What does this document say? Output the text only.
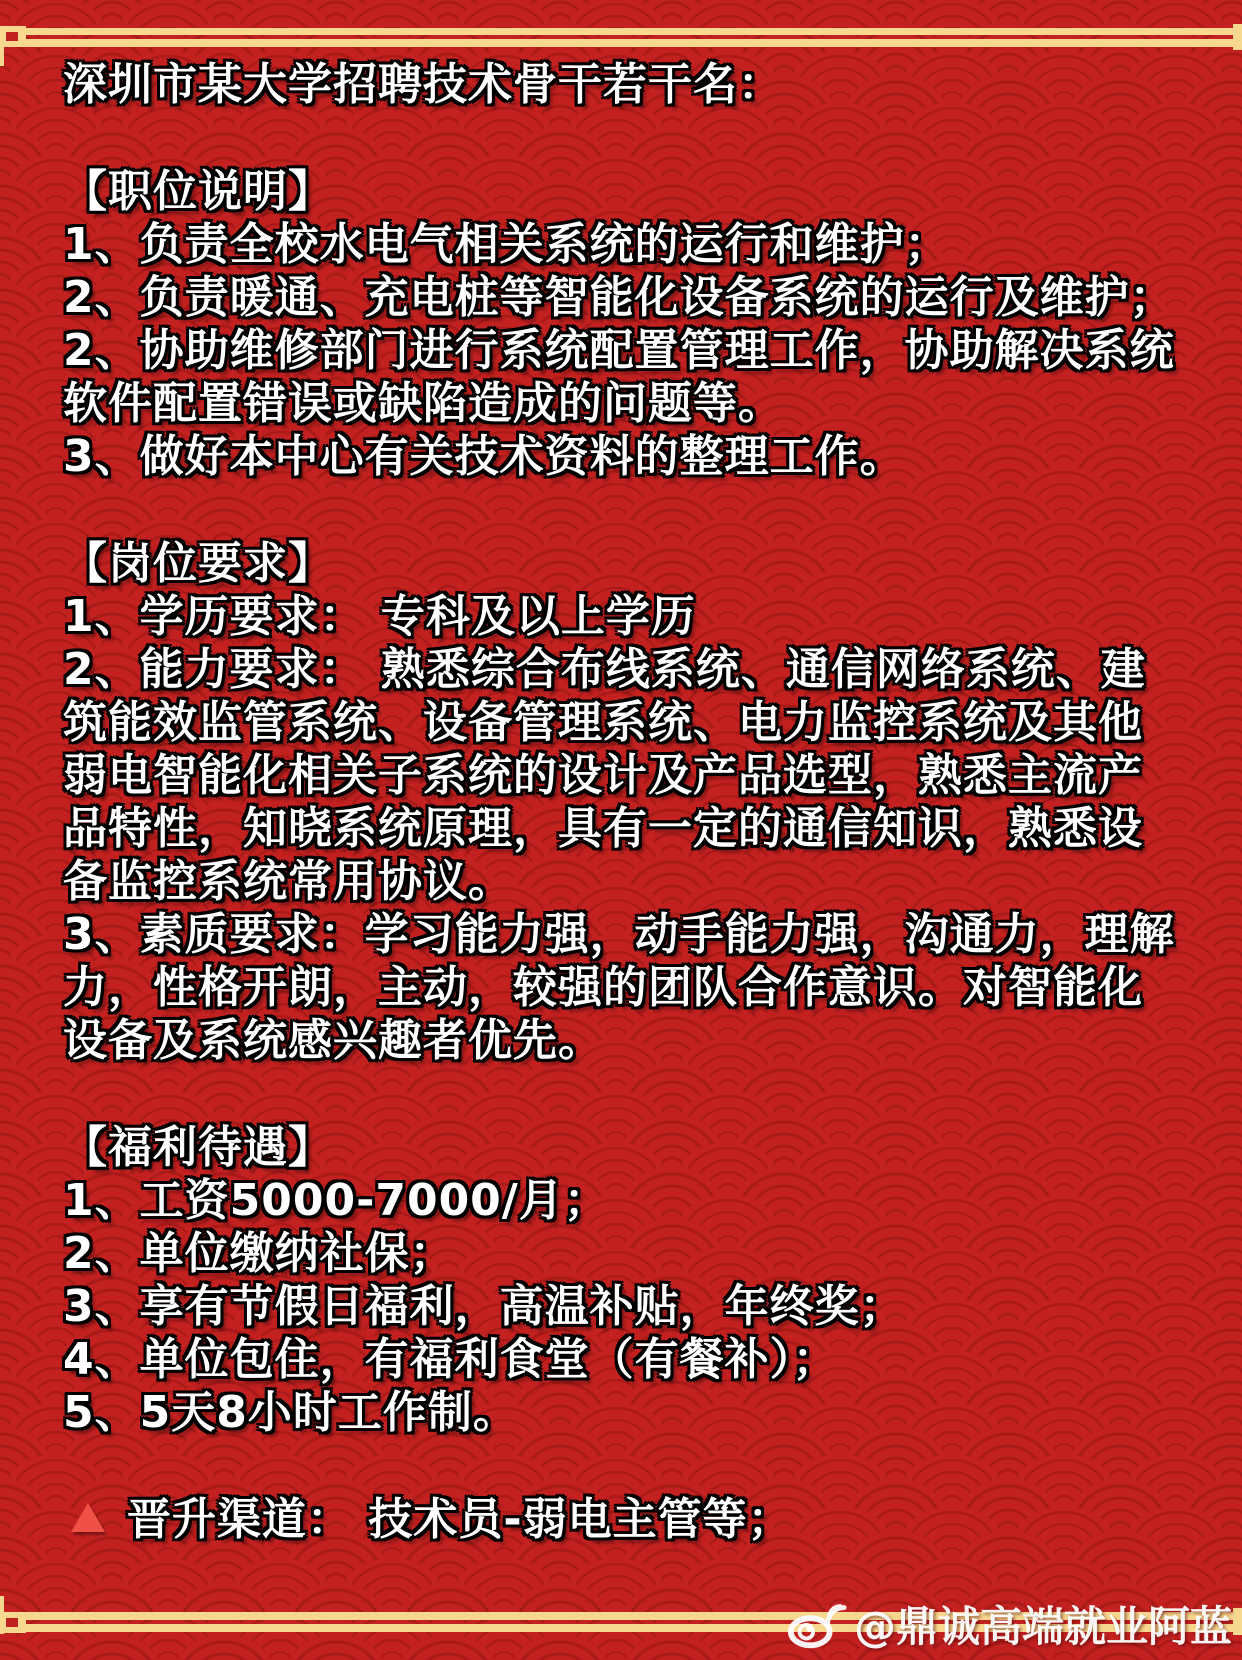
深圳市某大学招聘技术骨干若干名：
【职位说明】
1、负责全校水电气相关系统的运行和维护；
2、负责暖通、充电桩等智能化设备系统的运行及维护；
2、协助维修部门进行系统配置管理工作，协助解决系统软件配置错误或缺陷造成的问题等。
3、做好本中心有关技术资料的整理工作。
【岗位要求】
1、学历要求： 专科及以上学历
2、能力要求： 熟悉综合布线系统、通信网络系统、建筑能效监管系统、设备管理系统、电力监控系统及其他弱电智能化相关子系统的设计及产品选型，熟悉主流产品特性，知晓系统原理，具有一定的通信知识，熟悉设备监控系统常用协议。
3、素质要求：学习能力强，动手能力强，沟通力，理解力，性格开朗，主动，较强的团队合作意识。对智能化设备及系统感兴趣者优先。
【福利待遇】
1、工资5000-7000/月；
2、单位缴纳社保；
3、享有节假日福利，高温补贴，年终奖；
4、单位包住，有福利食堂（有餐补）；
5、5天8小时工作制。
晋升渠道： 技术员-弱电主管等；
@鼎诚高端就业阿蓝
